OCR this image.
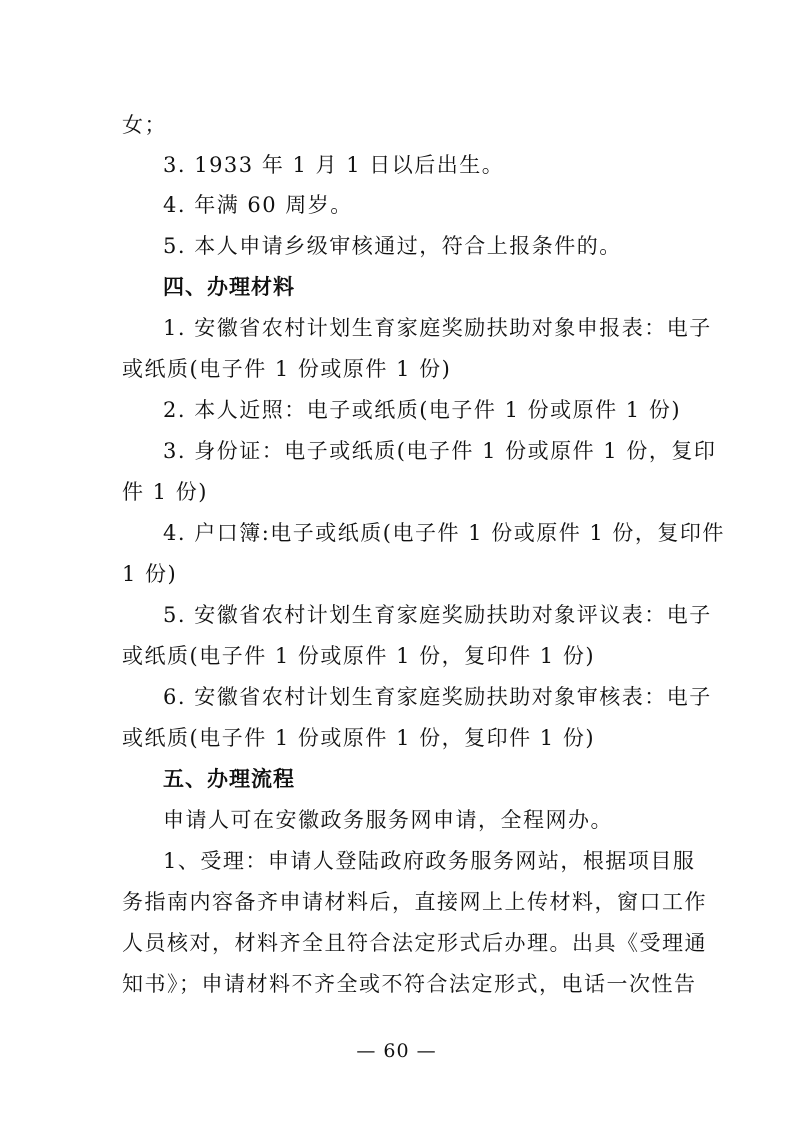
女；
3. 1933 年 1 月 1 日以后出生。
4. 年满 60 周岁。
5. 本人申请乡级审核通过，符合上报条件的。
四、办理材料
1. 安徽省农村计划生育家庭奖励扶助对象申报表：电子
或纸质(电子件 1 份或原件 1 份)
2. 本人近照：电子或纸质(电子件 1 份或原件 1 份)
3. 身份证：电子或纸质(电子件 1 份或原件 1 份，复印
件 1 份)
4. 户口簿:电子或纸质(电子件 1 份或原件 1 份，复印件
1 份)
5. 安徽省农村计划生育家庭奖励扶助对象评议表：电子
或纸质(电子件 1 份或原件 1 份，复印件 1 份)
6. 安徽省农村计划生育家庭奖励扶助对象审核表：电子
或纸质(电子件 1 份或原件 1 份，复印件 1 份)
五、办理流程
申请人可在安徽政务服务网申请，全程网办。
1、受理：申请人登陆政府政务服务网站，根据项目服
务指南内容备齐申请材料后，直接网上上传材料，窗口工作
人员核对，材料齐全且符合法定形式后办理。出具《受理通
知书》；申请材料不齐全或不符合法定形式，电话一次性告
— 60 —
